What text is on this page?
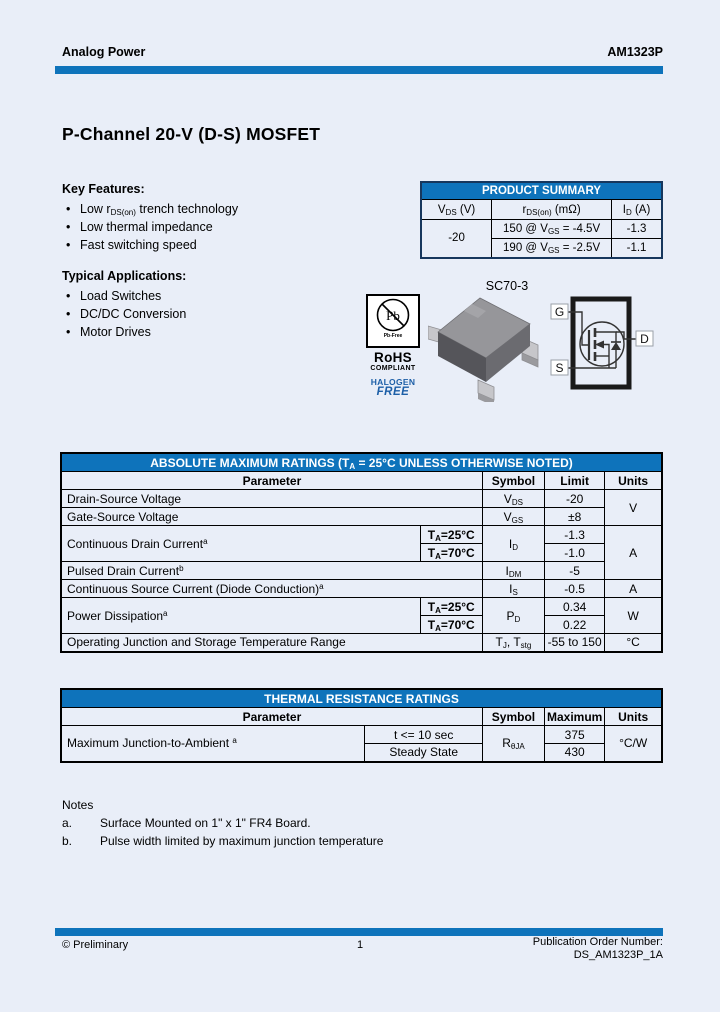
Analog Power	AM1323P
P-Channel 20-V (D-S) MOSFET
Key Features:
• Low $r_{DS(on)}$ trench technology
• Low thermal impedance
• Fast switching speed
Typical Applications:
• Load Switches
• DC/DC Conversion
• Motor Drives
PRODUCT SUMMARY		
$V_{DS}$ (V)	$r_{DS(on)}$ (mΩ)	$I_D$ (A)
-20	150 @ $V_{GS} = -4.5V$	-1.3
	190 @ $V_{GS} = -2.5V$	-1.1
Pb
Pb-Free
RoHS
COMPLIANT
HALOGEN
FREE
SC70-3
G
S
D
ABSOLUTE MAXIMUM RATINGS ($T_A = 25^\circ C$ UNLESS OTHERWISE NOTED)				
Parameter		Symbol	Limit	Units
Drain-Source Voltage		$V_{DS}$	-20	V
Gate-Source Voltage		$V_{GS}$	±8	
Continuous Drain Current$^a$	$T_A=25^\circ C$	$I_D$	-1.3	A
	$T_A=70^\circ C$		-1.0	
Pulsed Drain Current$^b$		$I_{DM}$	-5	
Continuous Source Current (Diode Conduction)$^a$		$I_S$	-0.5	A
Power Dissipation$^a$	$T_A=25^\circ C$	$P_D$	0.34	W
	$T_A=70^\circ C$		0.22	
Operating Junction and Storage Temperature Range		$T_J$, $T_{stg}$	-55 to 150	°C
THERMAL RESISTANCE RATINGS				
Parameter		Symbol	Maximum	Units
Maximum Junction-to-Ambient $^a$	t <= 10 sec	$R_{\theta JA}$	375	°C/W
	Steady State		430	
Notes
a.	Surface Mounted on 1" x 1" FR4 Board.
b.	Pulse width limited by maximum junction temperature
© Preliminary	1	Publication Order Number:
DS_AM1323P_1A
